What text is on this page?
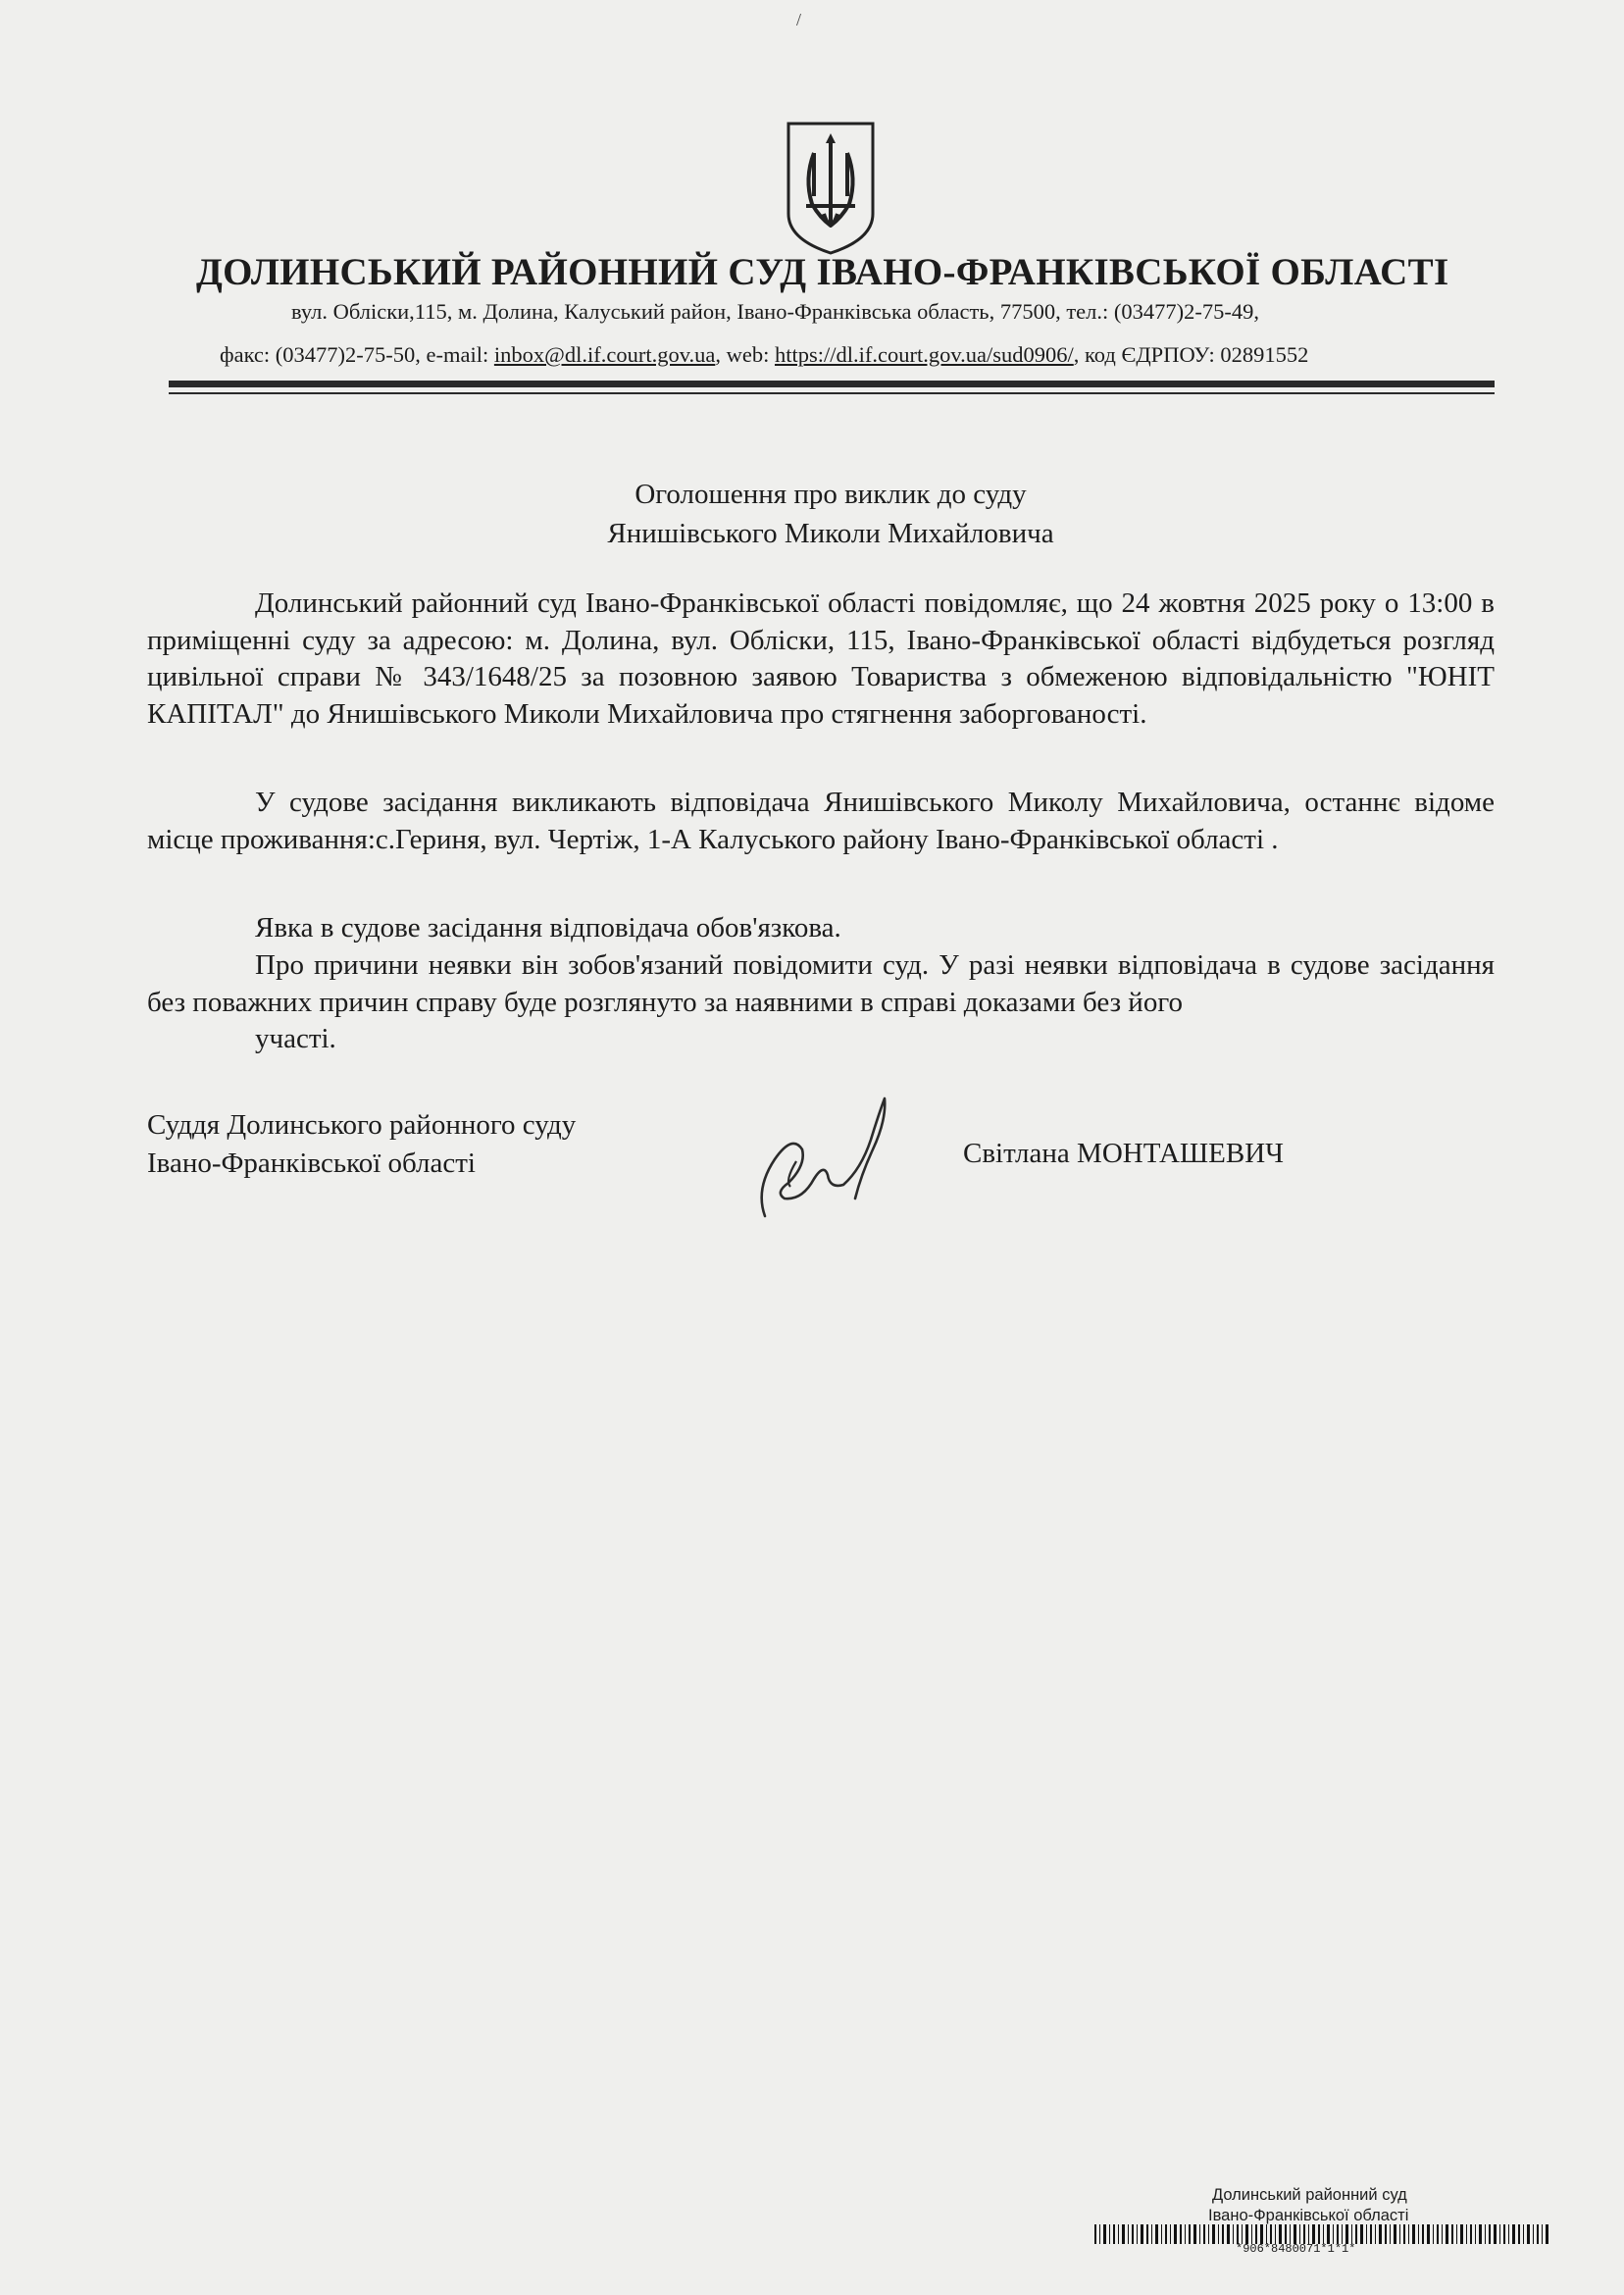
/
ДОЛИНСЬКИЙ РАЙОННИЙ СУД ІВАНО-ФРАНКІВСЬКОЇ ОБЛАСТІ
вул. Обліски,115, м. Долина, Калуський район, Івано-Франківська область, 77500, тел.: (03477)2-75-49,
факс: (03477)2-75-50, e-mail: inbox@dl.if.court.gov.ua, web: https://dl.if.court.gov.ua/sud0906/, код ЄДРПОУ: 02891552
Оголошення про виклик до суду
Янишівського Миколи Михайловича

Долинський районний суд Івано-Франківської області повідомляє, що 24 жовтня 2025 року о 13:00 в приміщенні суду за адресою: м. Долина, вул. Обліски, 115, Івано-Франківської області відбудеться розгляд цивільної справи № 343/1648/25 за позовною заявою Товариства з обмеженою відповідальністю "ЮНІТ КАПІТАЛ" до Янишівського Миколи Михайловича про стягнення заборгованості.

У судове засідання викликають відповідача Янишівського Миколу Михайловича, останнє відоме місце проживання:с.Гериня, вул. Чертіж, 1-А Калуського району Івано-Франківської області .

Явка в судове засідання відповідача обов'язкова.

Про причини неявки він зобов'язаний повідомити суд. У разі неявки відповідача в судове засідання без поважних причин справу буде розглянуто за наявними в справі доказами без його

участі.
Суддя Долинського районного суду
Івано-Франківської області	Світлана МОНТАШЕВИЧ
Долинський районний суд
Івано-Франківської області
*906*8480071*1*1*
